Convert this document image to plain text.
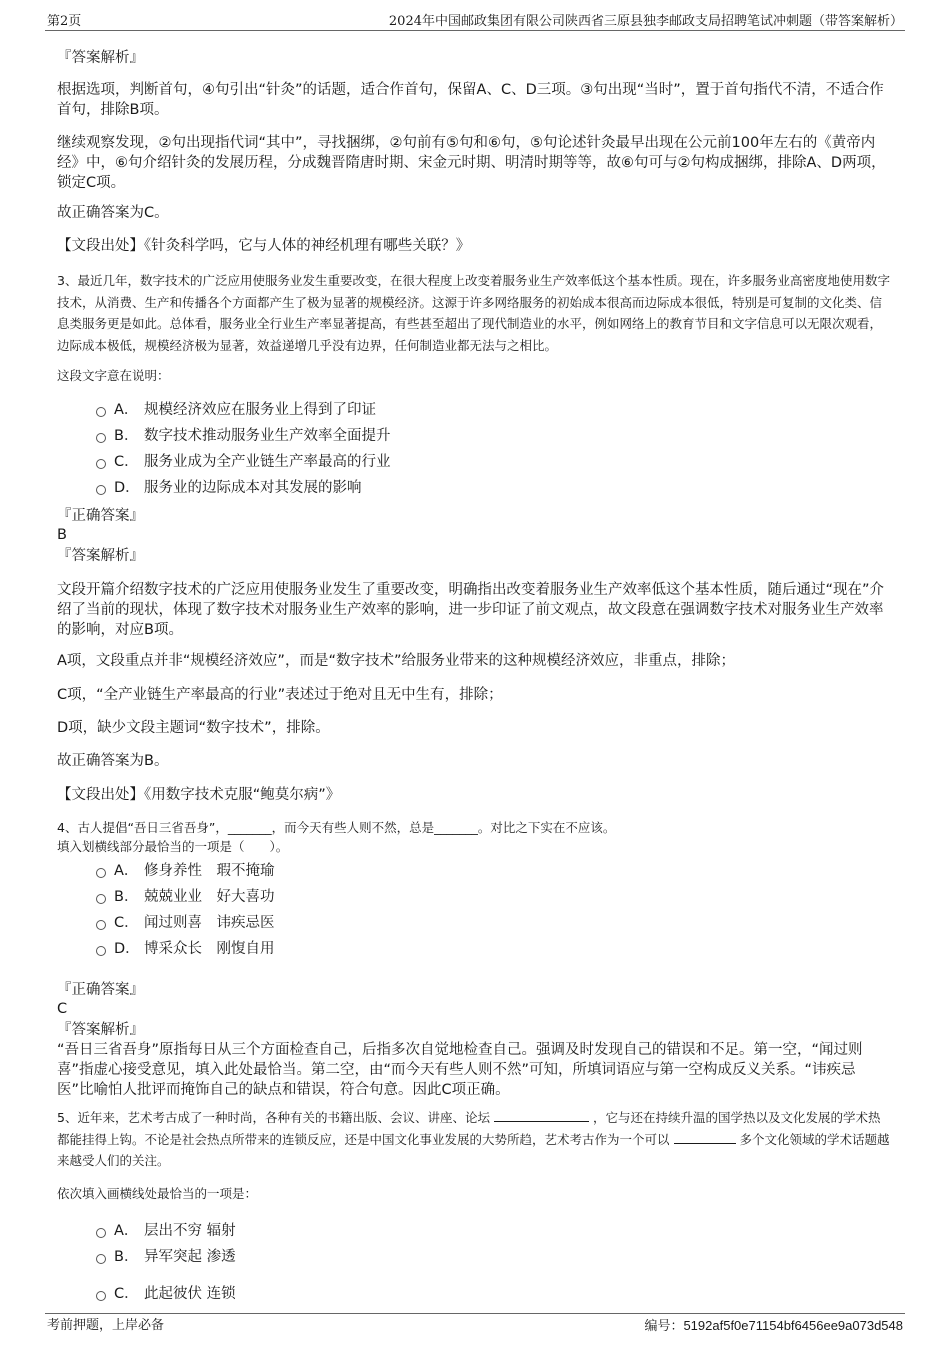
第2页	2024年中国邮政集团有限公司陕西省三原县独李邮政支局招聘笔试冲刺题（带答案解析）

『答案解析』

根据选项，判断首句，④句引出“针灸”的话题，适合作首句，保留A、C、D三项。③句出现“当时”，置于首句指代不清，不适合作首句，排除B项。

继续观察发现，②句出现指代词“其中”，寻找捆绑，②句前有⑤句和⑥句，⑤句论述针灸最早出现在公元前100年左右的《黄帝内经》中，⑥句介绍针灸的发展历程，分成魏晋隋唐时期、宋金元时期、明清时期等等，故⑥句可与②句构成捆绑，排除A、D两项，锁定C项。

故正确答案为C。

【文段出处】《针灸科学吗，它与人体的神经机理有哪些关联？》

3、最近几年，数字技术的广泛应用使服务业发生重要改变，在很大程度上改变着服务业生产效率低这个基本性质。现在，许多服务业高密度地使用数字技术，从消费、生产和传播各个方面都产生了极为显著的规模经济。这源于许多网络服务的初始成本很高而边际成本很低，特别是可复制的文化类、信息类服务更是如此。总体看，服务业全行业生产率显著提高，有些甚至超出了现代制造业的水平，例如网络上的教育节目和文字信息可以无限次观看，边际成本极低，规模经济极为显著，效益递增几乎没有边界，任何制造业都无法与之相比。

这段文字意在说明：

A． 规模经济效应在服务业上得到了印证
B． 数字技术推动服务业生产效率全面提升
C． 服务业成为全产业链生产率最高的行业
D． 服务业的边际成本对其发展的影响

『正确答案』

B

『答案解析』

文段开篇介绍数字技术的广泛应用使服务业发生了重要改变，明确指出改变着服务业生产效率低这个基本性质，随后通过“现在”介绍了当前的现状，体现了数字技术对服务业生产效率的影响，进一步印证了前文观点，故文段意在强调数字技术对服务业生产效率的影响，对应B项。

A项，文段重点并非“规模经济效应”，而是“数字技术”给服务业带来的这种规模经济效应，非重点，排除；

C项，“全产业链生产率最高的行业”表述过于绝对且无中生有，排除；

D项，缺少文段主题词“数字技术”，排除。

故正确答案为B。

【文段出处】《用数字技术克服“鲍莫尔病”》

4、古人提倡“吾日三省吾身”，_______，而今天有些人则不然，总是_______。对比之下实在不应该。

填入划横线部分最恰当的一项是（　　）。

A． 修身养性　瑕不掩瑜
B． 兢兢业业　好大喜功
C． 闻过则喜　讳疾忌医
D． 博采众长　刚愎自用

『正确答案』

C

『答案解析』

“吾日三省吾身”原指每日从三个方面检查自己，后指多次自觉地检查自己。强调及时发现自己的错误和不足。第一空，“闻过则喜”指虚心接受意见，填入此处最恰当。第二空，由“而今天有些人则不然”可知，所填词语应与第一空构成反义关系。“讳疾忌医”比喻怕人批评而掩饰自己的缺点和错误，符合句意。因此C项正确。

5、近年来，艺术考古成了一种时尚，各种有关的书籍出版、会议、讲座、论坛	，它与还在持续升温的国学热以及文化发展的学术热都能挂得上钩。不论是社会热点所带来的连锁反应，还是中国文化事业发展的大势所趋，艺术考古作为一个可以	多个文化领域的学术话题越来越受人们的关注。

依次填入画横线处最恰当的一项是：

A． 层出不穷 辐射
B． 异军突起 渗透
C． 此起彼伏 连锁
考前押题，上岸必备	编号：5192af5f0e71154bf6456ee9a073d548
